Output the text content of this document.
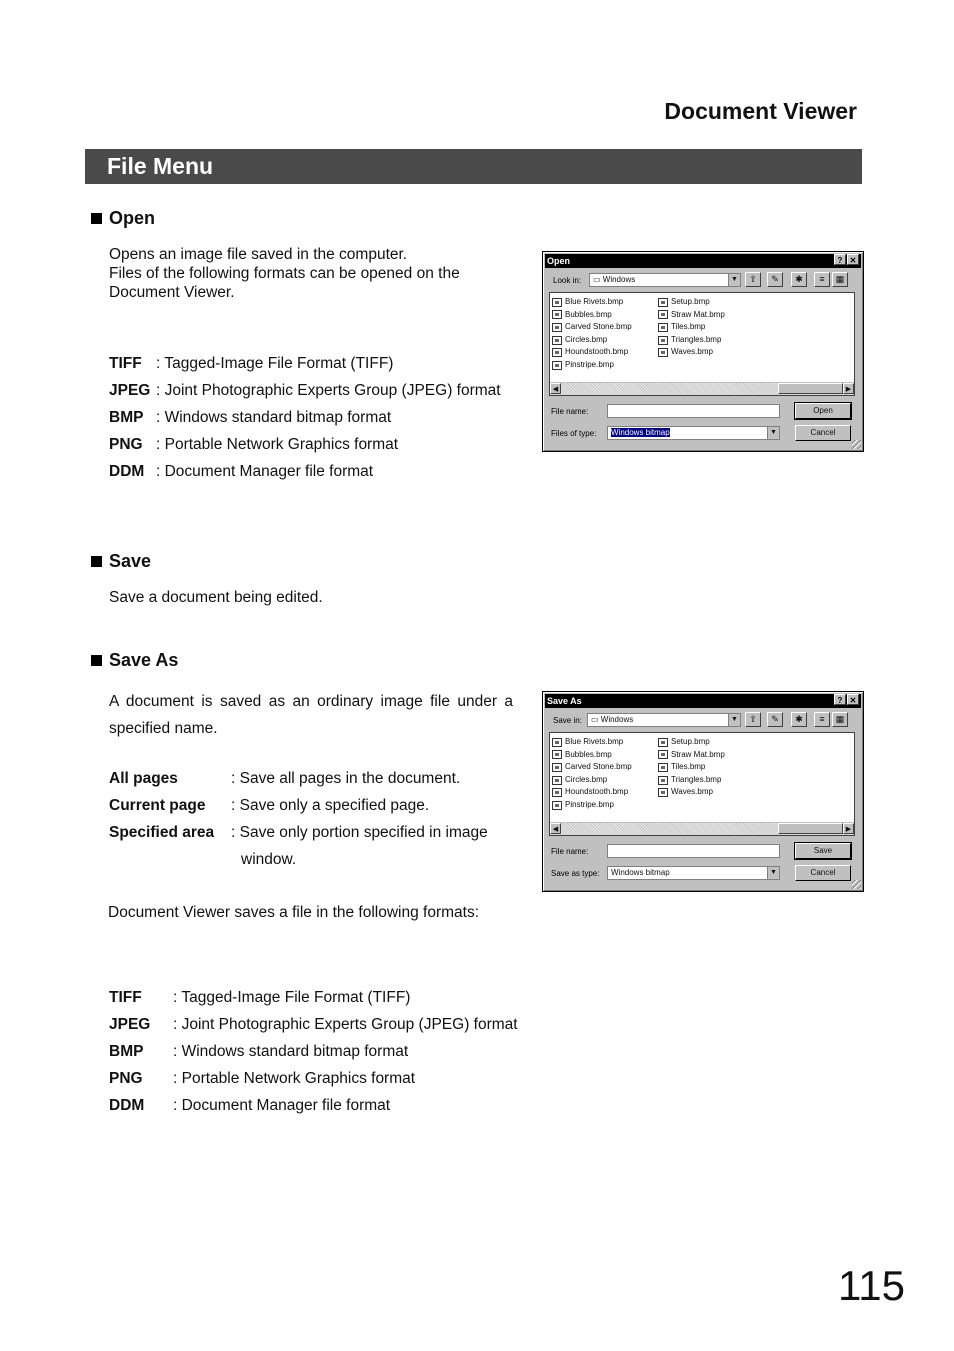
Document Viewer
File Menu
Open
Opens an image file saved in the computer.
Files of the following formats can be opened on the
Document Viewer.
TIFF : Tagged-Image File Format (TIFF)
JPEG : Joint Photographic Experts Group (JPEG) format
BMP : Windows standard bitmap format
PNG : Portable Network Graphics format
DDM : Document Manager file format
Open	? ✕
Look in:	▭ Windows	▼	⇧	✎	✱	≡	▦
Blue Rivets.bmp
Bubbles.bmp
Carved Stone.bmp
Circles.bmp
Houndstooth.bmp
Pinstripe.bmp
Setup.bmp
Straw Mat.bmp
Tiles.bmp
Triangles.bmp
Waves.bmp
◀	▶
File name:
Files of type:	Windows bitmap	▼
Open
Cancel
Save
Save a document being edited.
Save As
A document is saved as an ordinary image file under a
specified name.
All pages	: Save all pages in the document.
Current page	: Save only a specified page.
Specified area	: Save only portion specified in image
window.
Document Viewer saves a file in the following formats:
TIFF	: Tagged-Image File Format (TIFF)
JPEG	: Joint Photographic Experts Group (JPEG) format
BMP	: Windows standard bitmap format
PNG	: Portable Network Graphics format
DDM	: Document Manager file format
Save As	? ✕
Save in:	▭ Windows	▼	⇧	✎	✱	≡	▦
Blue Rivets.bmp
Bubbles.bmp
Carved Stone.bmp
Circles.bmp
Houndstooth.bmp
Pinstripe.bmp
Setup.bmp
Straw Mat.bmp
Tiles.bmp
Triangles.bmp
Waves.bmp
◀	▶
File name:
Save as type:	Windows bitmap	▼
Save
Cancel
115
